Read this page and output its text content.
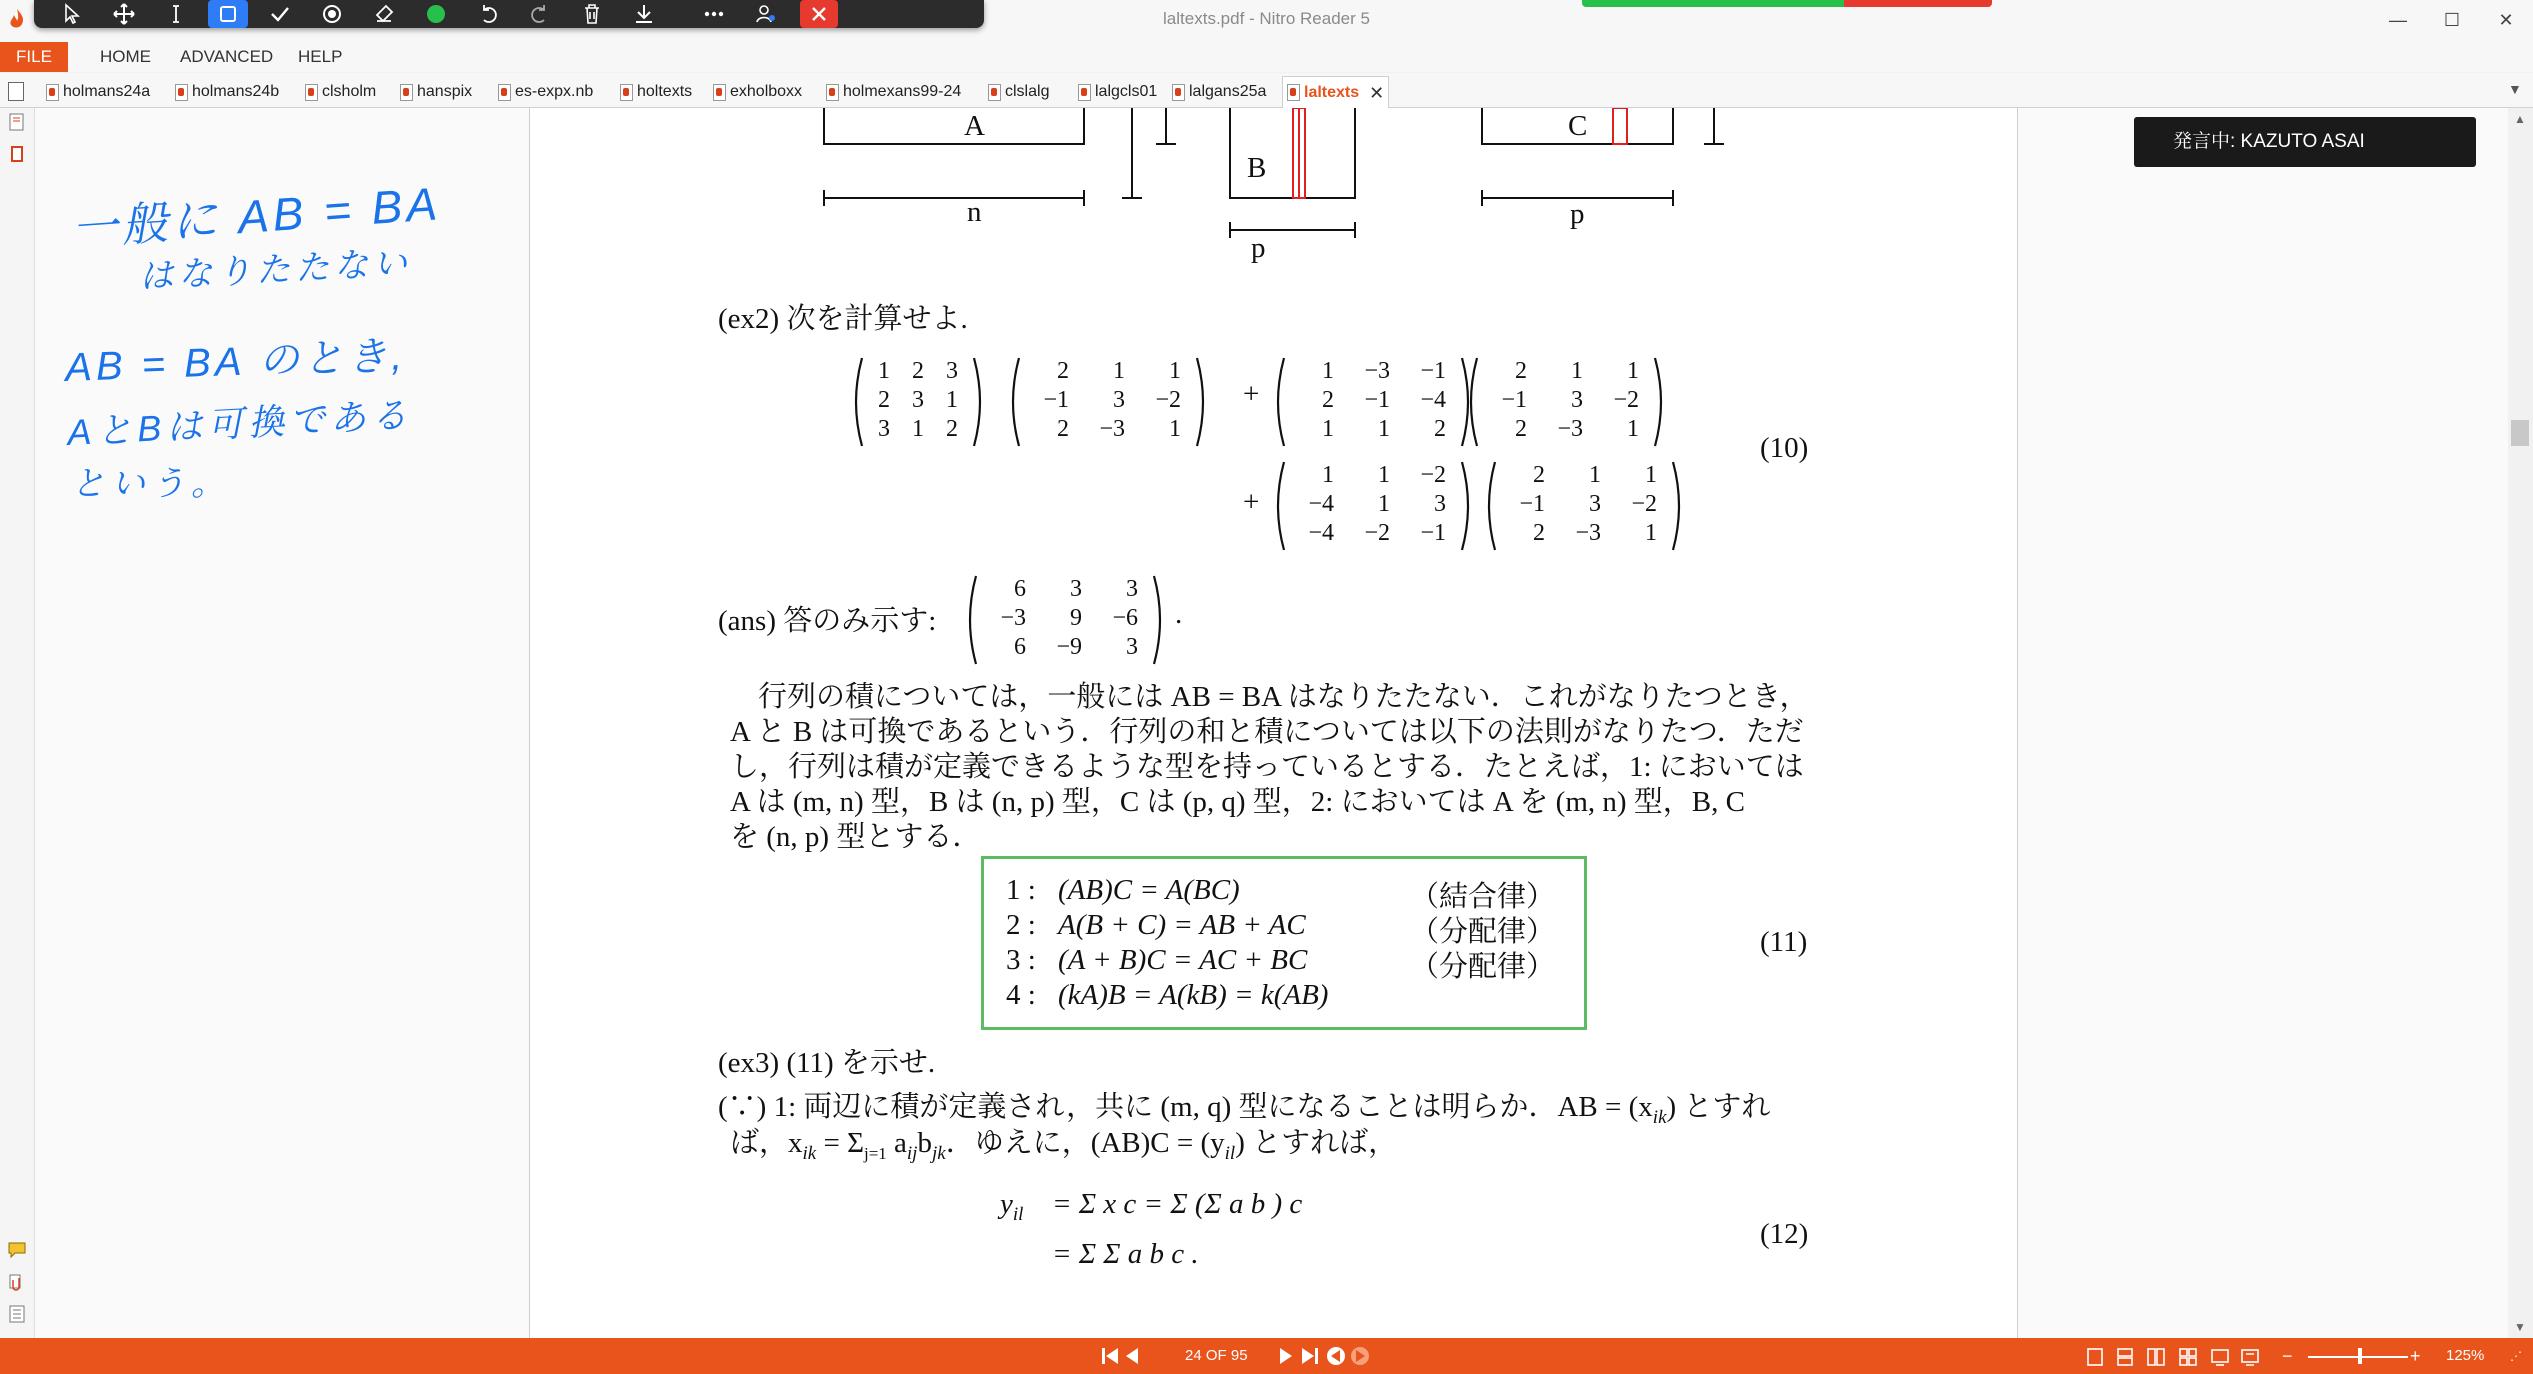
laltexts.pdf - Nitro Reader 5	—	☐	✕
FILE	HOME	ADVANCED	HELP
holmans24a	holmans24b	clsholm	hanspix	es-expx.nb	holtexts exholboxx	holmexans99-24	clslalg	lalgcls01 lalgans25a laltexts ✕	▼
一般に AB = BA
はなりたたない
AB = BA のとき,
AとBは可換である
という。
A
B
C
n
p
p
(ex2) 次を計算せよ.
1 2 3
2 3 1
3 1 2
2	1	1
−1	3	−2
2	−3	1
+
1	−3	−1
2	−1	−4
1	1	2
2	1	1
−1	3	−2
2	−3	1
(10)
+
1	1	−2
−4	1	3
−4	−2	−1
2	1	1
−1	3	−2
2	−3	1
(ans) 答のみ示す:
6	3	3
−3	9	−6
6	−9	3
.
行列の積については，一般には AB = BA はなりたたない．これがなりたつとき，
A と B は可換であるという．行列の和と積については以下の法則がなりたつ．ただ
し，行列は積が定義できるような型を持っているとする．たとえば，1: においては
A は (m, n) 型，B は (n, p) 型，C は (p, q) 型，2: においては A を (m, n) 型，B, C
を (n, p) 型とする．
1 : (AB)C = A(BC)	（結合律）
2 : A(B + C) = AB + AC	（分配律）
3 : (A + B)C = AC + BC	（分配律）
4 : (kA)B = A(kB) = k(AB)
(11)
(ex3) (11) を示せ.
(∵) 1: 両辺に積が定義され，共に (m, q) 型になることは明らか．AB = $(x_{ik})$ とすれ
ば，$x_{ik} = \Sigma_{j=1}$ $a_{ij}b_{jk}$．ゆえに，$(AB)C = (y_{il})$ とすれば，
$y_{il} = \Sigma$ x c = Σ (Σ a b ) c
= Σ Σ a b c .
(12)
発言中: KAZUTO ASAI
▲
▼
24 OF 95	−	+ 125% ⋰
